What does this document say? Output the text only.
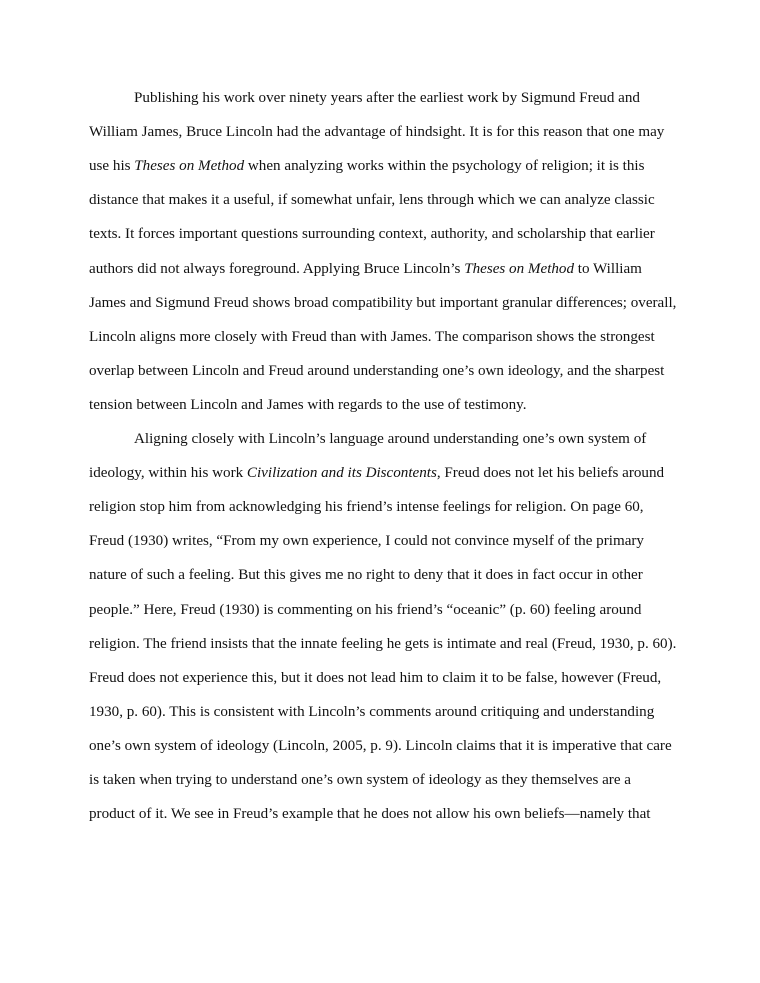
Publishing his work over ninety years after the earliest work by Sigmund Freud and
William James, Bruce Lincoln had the advantage of hindsight. It is for this reason that one may
use his Theses on Method when analyzing works within the psychology of religion; it is this
distance that makes it a useful, if somewhat unfair, lens through which we can analyze classic
texts. It forces important questions surrounding context, authority, and scholarship that earlier
authors did not always foreground. Applying Bruce Lincoln’s Theses on Method to William
James and Sigmund Freud shows broad compatibility but important granular differences; overall,
Lincoln aligns more closely with Freud than with James. The comparison shows the strongest
overlap between Lincoln and Freud around understanding one’s own ideology, and the sharpest
tension between Lincoln and James with regards to the use of testimony.
Aligning closely with Lincoln’s language around understanding one’s own system of
ideology, within his work Civilization and its Discontents, Freud does not let his beliefs around
religion stop him from acknowledging his friend’s intense feelings for religion. On page 60,
Freud (1930) writes, “From my own experience, I could not convince myself of the primary
nature of such a feeling. But this gives me no right to deny that it does in fact occur in other
people.” Here, Freud (1930) is commenting on his friend’s “oceanic” (p. 60) feeling around
religion. The friend insists that the innate feeling he gets is intimate and real (Freud, 1930, p. 60).
Freud does not experience this, but it does not lead him to claim it to be false, however (Freud,
1930, p. 60). This is consistent with Lincoln’s comments around critiquing and understanding
one’s own system of ideology (Lincoln, 2005, p. 9). Lincoln claims that it is imperative that care
is taken when trying to understand one’s own system of ideology as they themselves are a
product of it. We see in Freud’s example that he does not allow his own beliefs—namely that
